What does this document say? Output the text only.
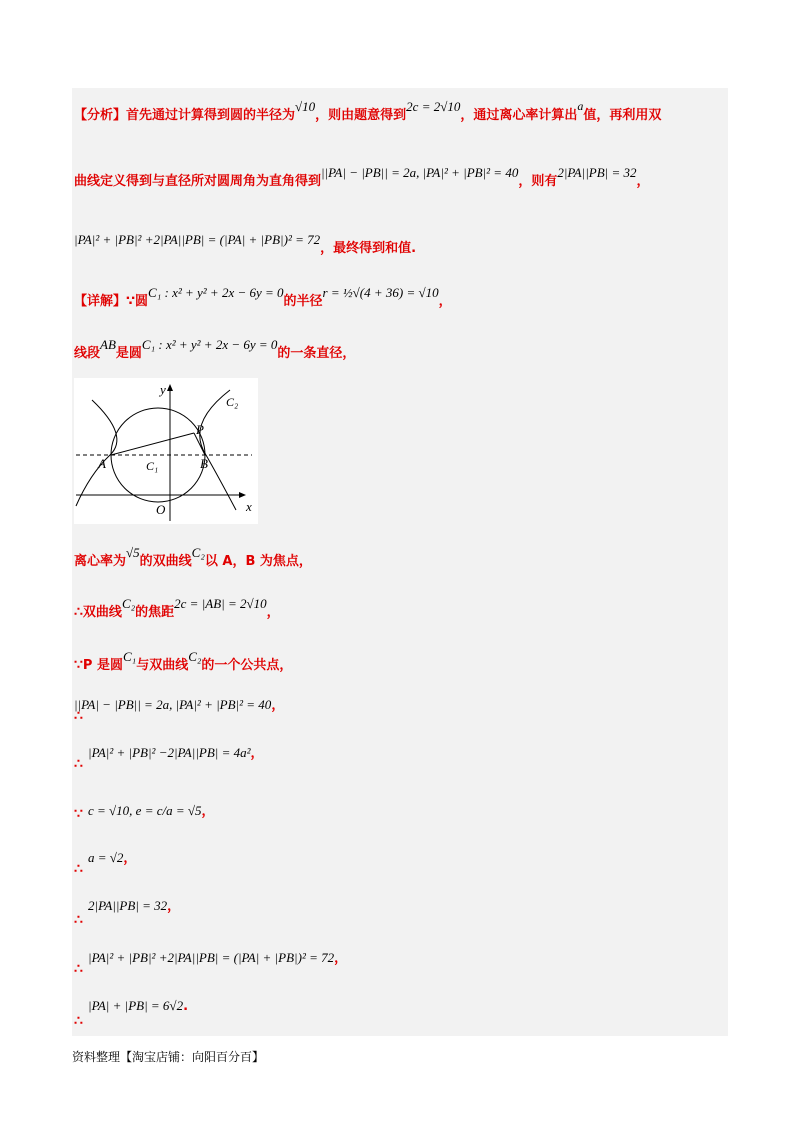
【分析】首先通过计算得到圆的半径为√10，则由题意得到2c = 2√10，通过离心率计算出a值，再利用双
曲线定义得到与直径所对圆周角为直角得到||PA| − |PB|| = 2a, |PA|² + |PB|² = 40，则有2|PA||PB| = 32，
|PA|² + |PB|² +2|PA||PB| = (|PA| + |PB|)² = 72，最终得到和值.
【详解】∵圆C₁ : x² + y² + 2x − 6y = 0的半径r = ½√(4 + 36) = √10，
线段AB是圆C₁ : x² + y² + 2x − 6y = 0的一条直径，
y
x
C₂
P
A	C₁	B
O
离心率为√5的双曲线C₂以 A，B 为焦点，
∴双曲线C₂的焦距2c = |AB| = 2√10，
∵P 是圆C₁与双曲线C₂的一个公共点，
||PA| − |PB|| = 2a, |PA|² + |PB|² = 40，
∴
|PA|² + |PB|² −2|PA||PB| = 4a²，
∴
c = √10, e = c/a = √5，
∵
a = √2，
∴
2|PA||PB| = 32，
∴
|PA|² + |PB|² +2|PA||PB| = (|PA| + |PB|)² = 72，
∴
|PA| + |PB| = 6√2.
∴
资料整理【淘宝店铺：向阳百分百】
